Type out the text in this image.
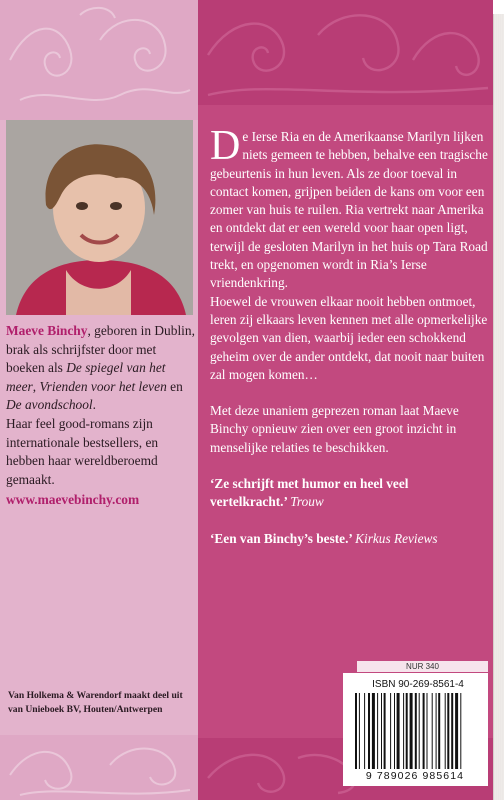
Maeve Binchy, geboren in Dublin, brak als schrijfster door met boeken als De spiegel van het meer, Vrienden voor het leven en De avondschool.

Haar feel good-romans zijn internationale bestsellers, en hebben haar wereldberoemd gemaakt.

www.maevebinchy.com
Van Holkema & Warendorf maakt deel uit van Unieboek BV, Houten/Antwerpen

De Ierse Ria en de Amerikaanse Marilyn lijken niets gemeen te hebben, behalve een tragische gebeurtenis in hun leven. Als ze door toeval in contact komen, grijpen beiden de kans om voor een zomer van huis te ruilen. Ria vertrekt naar Amerika en ontdekt dat er een wereld voor haar open ligt, terwijl de gesloten Marilyn in het huis op Tara Road trekt, en opgenomen wordt in Ria’s Ierse vriendenkring.

Hoewel de vrouwen elkaar nooit hebben ontmoet, leren zij elkaars leven kennen met alle opmerkelijke gevolgen van dien, waarbij ieder een schokkend geheim over de ander ontdekt, dat nooit naar buiten zal mogen komen…

Met deze unaniem geprezen roman laat Maeve Binchy opnieuw zien over een groot inzicht in menselijke relaties te beschikken.

‘Ze schrijft met humor en heel veel vertelkracht.’ Trouw

‘Een van Binchy’s beste.’ Kirkus Reviews

NUR 340
ISBN 90-269-8561-4
9 789026 985614
